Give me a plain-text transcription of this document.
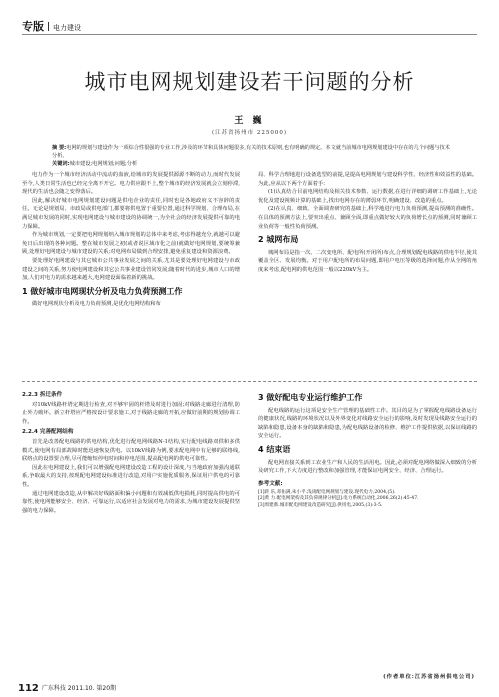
专版 电力建设
城市电网规划建设若干问题的分析
王 巍
(江苏省扬州市 225000)
摘 要:电网的规划与建设作为一项综合性很强的专业工作,涉及的环节和具体问题很多,有关的技术原则,也有明确的规定。本文就当前城市电网规划建设中存在的几个问题与技术分析。
关键词:城市建设;电网规划;问题;分析

电力作为一个城市经济活动中流动的血液,给城市的发展提供源源不断的动力,而时代发展至今,人类日常生活也已经完全离不开它。电力供应跟不上,整个城市的经济发展就会立刻停滞,现代的生活也会随之变得落后。

因此,解决好城市电网规划建设问题是供电企业的责任,同时也是各地政府义不容辞的责任。无论是规划局、市政局或供电部门,都要将供电置于重要位置,通过科学规划、合理布局,在满足城市发展的同时,实现电网建设与城市建设的协调统一,为全社会的经济发展提供可靠的电力保障。

作为城市规划,一定要把电网规划纳入城市规划的总体中来考虑,考虑得越充分,就越可以避免日后出现的各种问题。整在城市发展之初(或者说区域市化之前)就做好电网规划,要统筹兼顾,处理好电网建设与城市建设的关系;对电网布局做到合理安排,避免重复建设和资源浪费。

要处理好电网建设与其它城市公共事业发展之间的关系,尤其是要处理好电网建设与市政建设之间的关系,努力使电网建设和其它公共事业建设管同发展;随着时代的进步,城市人口的增加,人们对电力的需求越来越大,电网建设面临着新的挑战。

1 做好城市电网现状分析及电力负荷预测工作

做好电网现状分析及电力负荷预测,是优化电网结构和布

局、科学合理地进行设备选型的前提,是提高电网规划与建设科学性、经济性和效益性的基础。为此,应从以下两个方面着手:

(1)认真结合目前电网结构及相关技术参数、运行数据,在进行详细的调研工作基础上,无论优化及建设视频计算的基础上,找出电网存在的薄弱环节,明确建设、改造的重点。

(2)在认真、细致、全面调查研究的基础上,科学地进行电力负荷预测,提高预测的准确性。在具体的预测方法上,要突出重点、兼顾全面,即重点做好较大的负荷增长点的预测,同时兼顾工业负荷等一般性负荷预测。

2 城网布局

城网布局是指一次、二次变电所、配电所(开闭所)布点,合理规划配电线路的供电半径,使其覆盖全区、发展均衡。对于用户配电所的布局问题,即用户电压等级的选择问题,作从全网的角度来考虑,配电网的供电范围一般以220kV为主。

2.2.3 拆迁条件

对10kV线路杆塔定期进行检查,对不够牢固的杆塔及时进行加固;对线路走廊进行清理,防止外力破坏。新立杆塔应严格按设计要求施工,对于线路走廊的开拓,应做好前期的规划协调工作。

2.2.4 完善配网结构

首先是改善配电线路的供电结构,优化进行配电网线路N-1结构,实行配电线路双供和多供模式,使电网有局部故障时能迅速恢复供电。以10kV线路为例,要求配电网中有足够的联络线,联络点的设置要合理,尽可能缩短停电时间和停电范围,提高配电网的供电可靠性。

因此在电网建设上,我们可以增强配电网建设改造工程的设计深度,与当地政府加强沟通联系,争取最大的支持,按现配电网建设标准进行改造,对用户实施优质服务,保证用户供电的可靠性。

通过电网建设改造,从中解决好线路面积偏小问题和有效减低供电损耗,同时提高供电的可靠性,使电网能够安全、经济、可靠运行,以适应社会发展对电力的需求,为城市建设发展提供坚强的电力保障。

3 做好配电专业运行维护工作

配电线路的运行这项是安全生产管理的基础性工作。其目的是为了掌握配电线路设备运行的健康状况,线路的环境状况以及外界变化对线路安全运行的影响,及时发现及线路安全运行的缺陷和隐患,设备本身的缺陷和隐患,为配电线路设备的检修、维护工作提供依据,以保证线路的安全运行。

4 结束语

配电网直接关系到工农业生产和人民的生活用电。因此,必须对配电网络做深入细致的分析及研究工作,下大力度进行整改和加强管理,才能保证电网安全、经济、合理运行。

参考文献:
[1]蒋 乐,邓佑满,朱小平.浅谈配电网规划与建设.现代电力,2004,(5).
[2]黄 力.配电网架构及其负荷规律分析[J].电力系统自动化,2006,26(2):45-47.
[3]周建新.城市配电网建设改造研究[J].供用电,2005,(3):3-5.
(作者单位:江苏省扬州供电公司)
112 广东科技 2011.10. 第20期
